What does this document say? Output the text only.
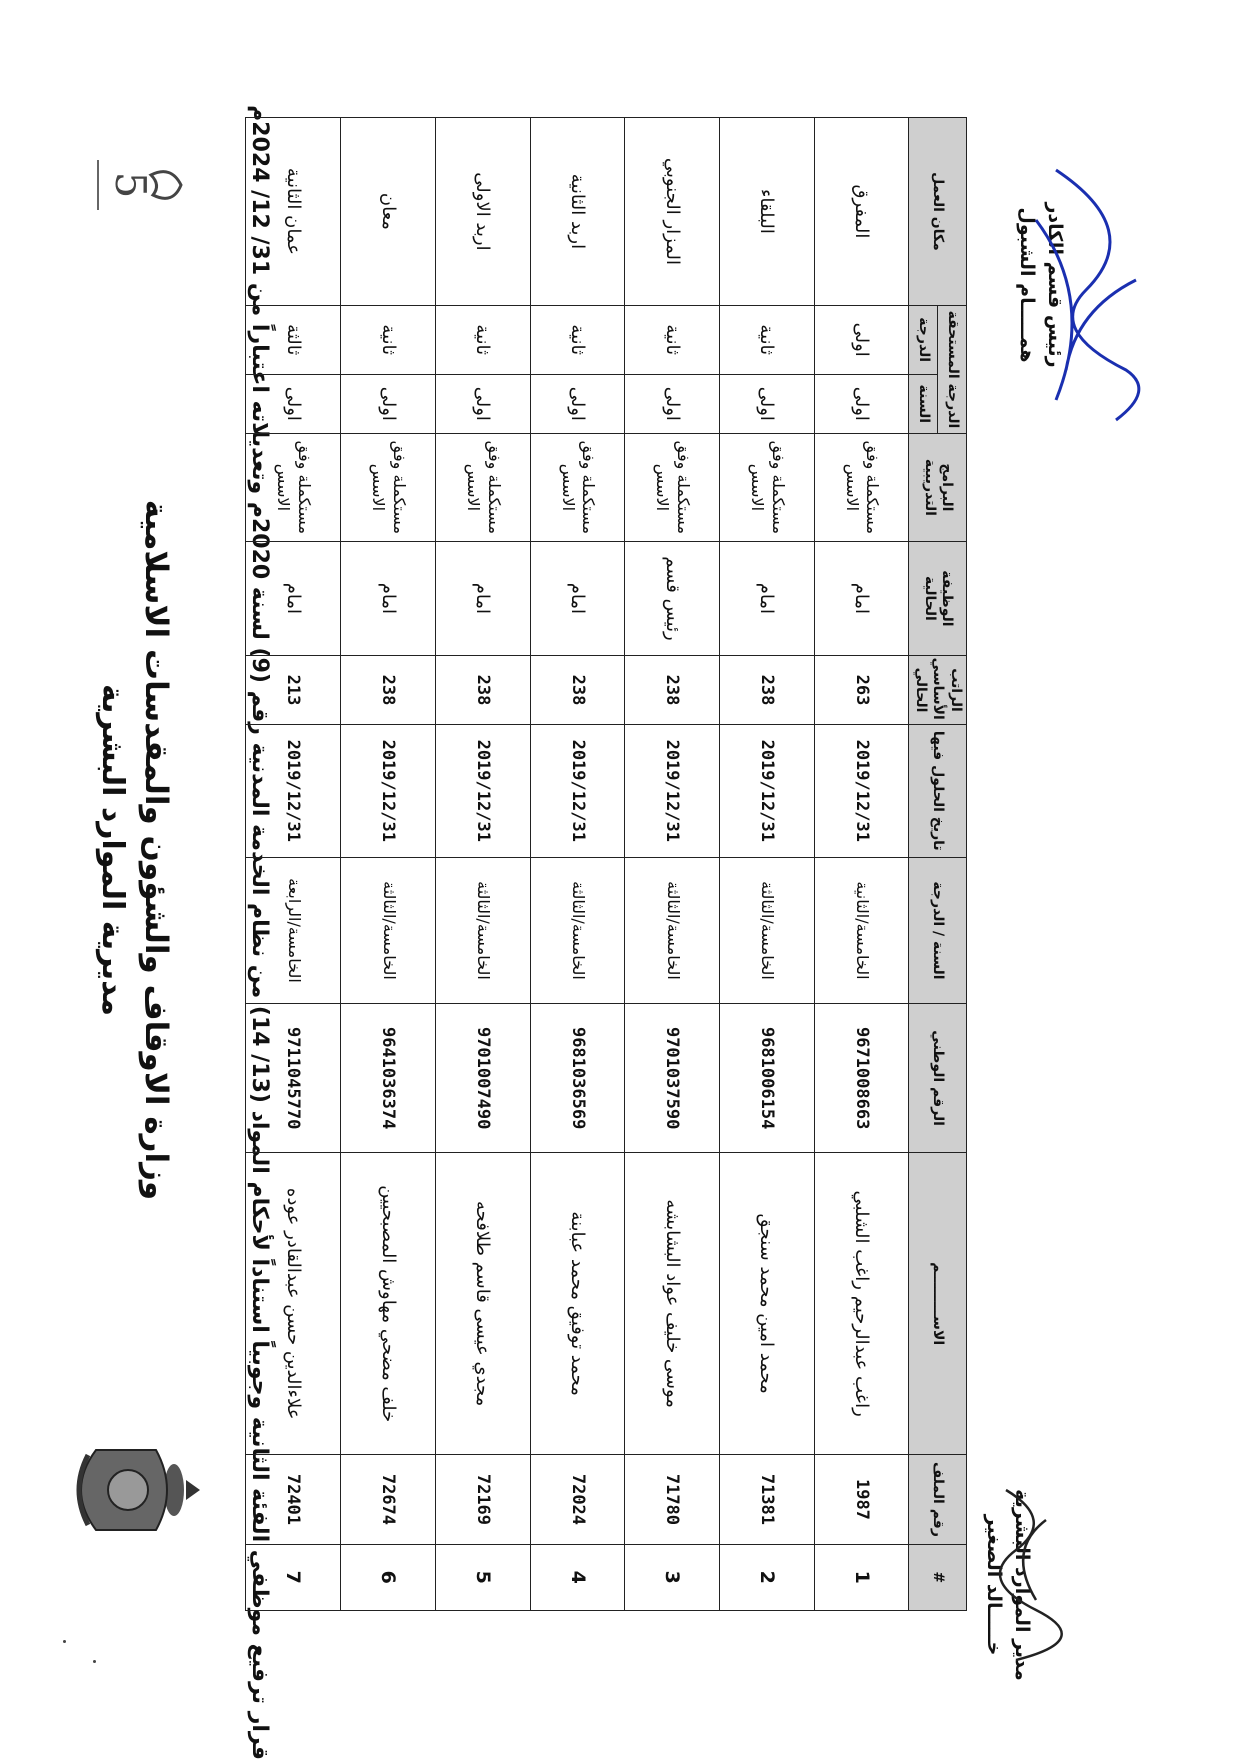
5
وزارة الاوقاف والشؤون والمقدسات الاسلامية
مديرية الموارد البشرية
قرار ترفيع موظفي الفئة الثانية وجوبياً استناداً لأحكام المواد (13/ 14) من نظام الخدمة المدنية رقم (9) لسنة 2020م وتعديلاته اعتباراً من 31/ 12/ 2024م	#	رقم الملف	الاســـــــــم	الرقم الوطني	السنة / الدرجة	تاريخ الحلول فيها	الراتب الأساسي الحالي	الوظيفة الحالية	البرامج التدريبية	الدرجة المستحقة		مكان العمل
									السنة	الدرجة	
1	1987	راغب عبدالرحيم راغب الشلبي	9671008663	الخامسة/الثانية	2019/12/31	263	امام	مستكملة وفق الاسس	اولى	اولى	المفرق
2	71381	محمد امين محمد سنجق	9681006154	الخامسة/الثالثة	2019/12/31	238	امام	مستكملة وفق الاسس	اولى	ثانية	البلقاء
3	71780	موسى خليف عواد البشابشه	9701037590	الخامسة/الثالثة	2019/12/31	238	رئيس قسم	مستكملة وفق الاسس	اولى	ثانية	المزار الجنوبي
4	72024	محمد توفيق محمد عبابنة	9681036569	الخامسة/الثالثة	2019/12/31	238	امام	مستكملة وفق الاسس	اولى	ثانية	اربد الثانية
5	72169	مجدي عيسى قاسم طلافحه	9701007490	الخامسة/الثالثة	2019/12/31	238	امام	مستكملة وفق الاسس	اولى	ثانية	اربد الاولى
6	72674	خلف مضحي مهاوش المصبحيين	9641036374	الخامسة/الثالثة	2019/12/31	238	امام	مستكملة وفق الاسس	اولى	ثانية	معان
7	72401	علاءالدين حسن عبدالقادر عوده	9711045770	الخامسة/الرابعة	2019/12/31	213	امام	مستكملة وفق الاسس	اولى	ثالثة	عمان الثانية
مدير الموارد البشرية
خـــــالد الصغير
رئيس قسم الكادر
همـــــام الشبول
